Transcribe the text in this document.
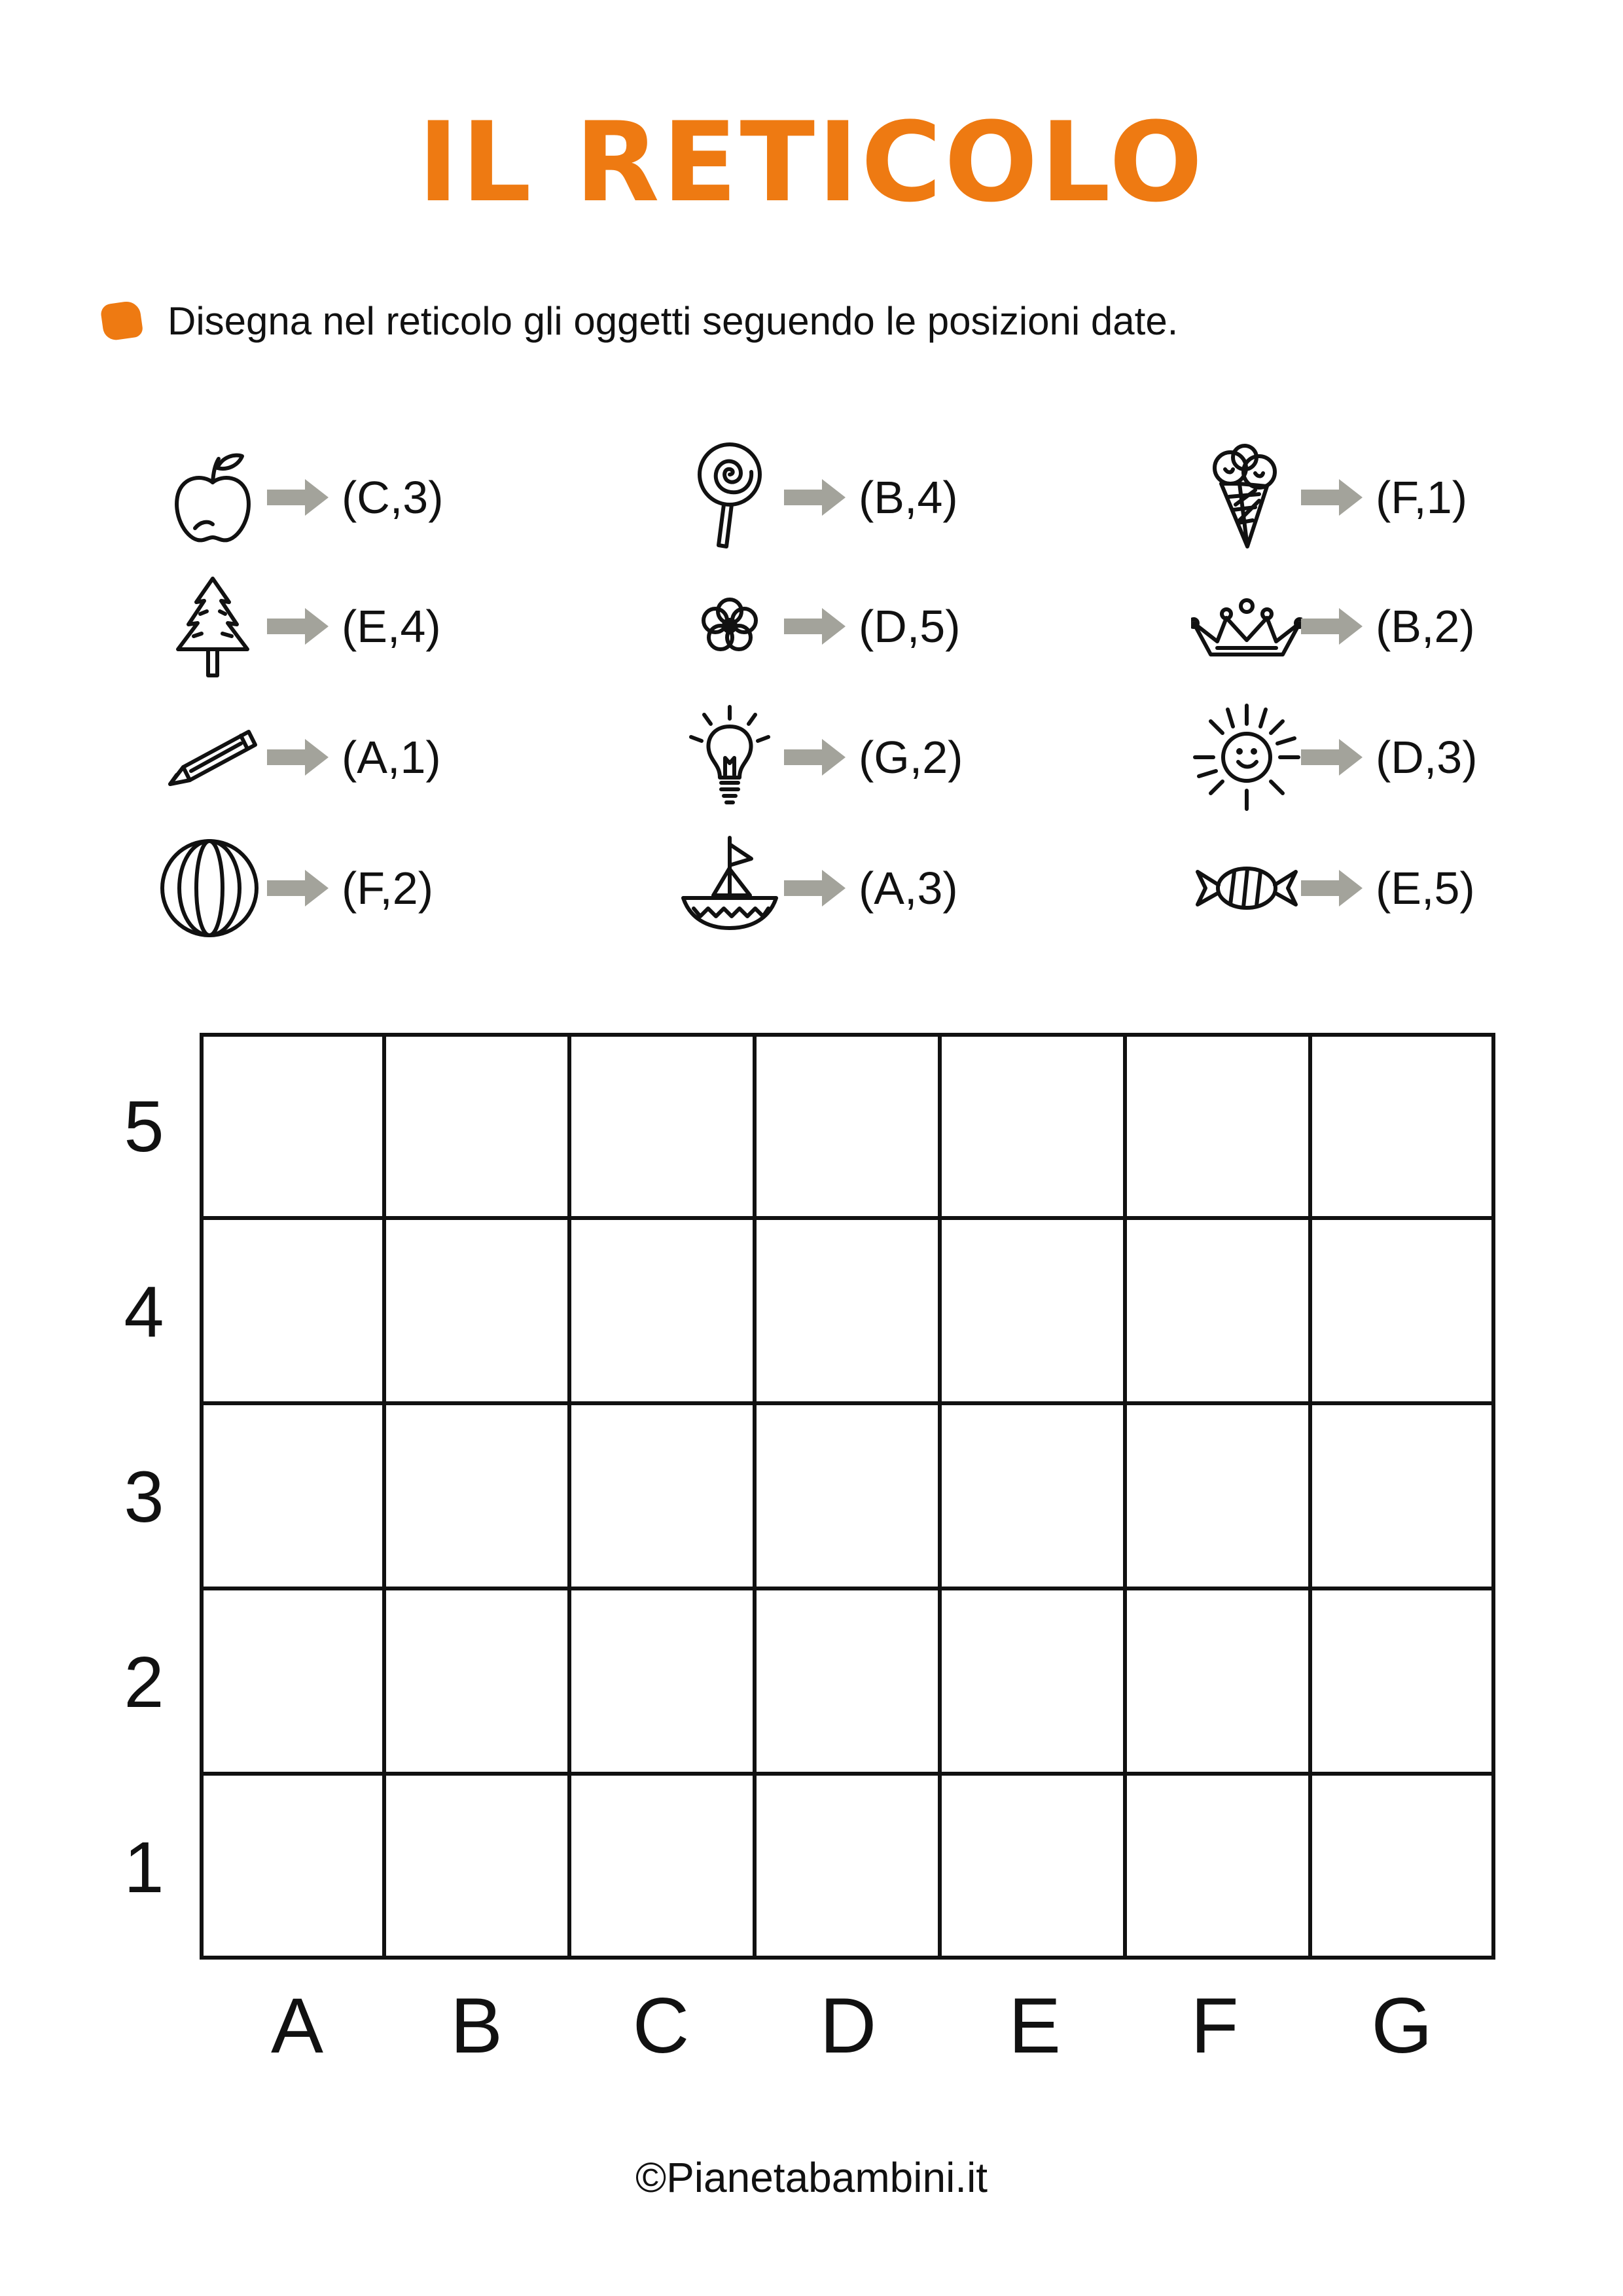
IL RETICOLO
Disegna nel reticolo gli oggetti seguendo le posizioni date.
(C,3)
(E,4)
(A,1)
(F,2)
(B,4)
(D,5)
(G,2)
(A,3)
(F,1)
(B,2)
(D,3)
(E,5)
5
4
3
2
1
A	B	C	D	E	F	G
©Pianetabambini.it
